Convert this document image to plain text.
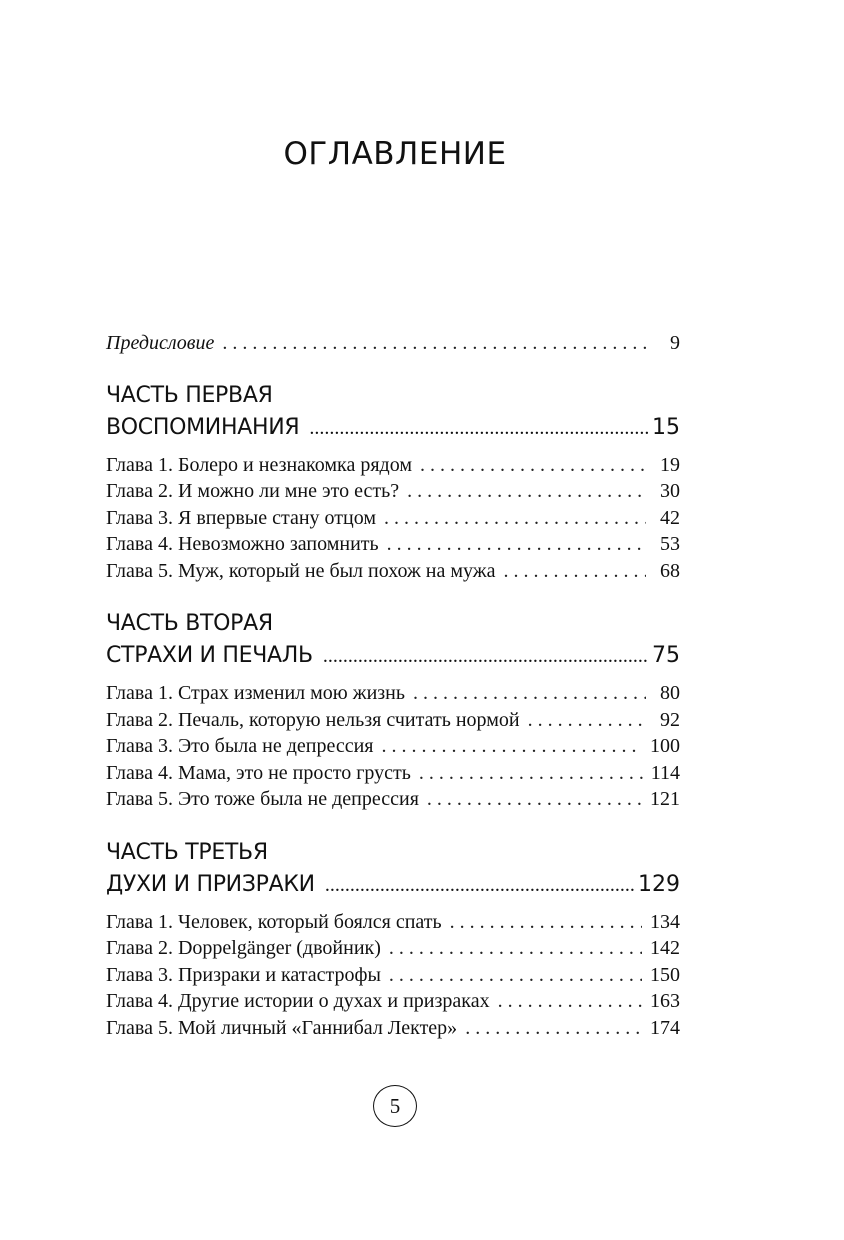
ОГЛАВЛЕНИЕ
Предисловие . . .	9
ЧАСТЬ ПЕРВАЯ
ВОСПОМИНАНИЯ .....	15
Глава 1. Болеро и незнакомка рядом . . .	19
Глава 2. И можно ли мне это есть? . . .	30
Глава 3. Я впервые стану отцом . . .	42
Глава 4. Невозможно запомнить . . .	53
Глава 5. Муж, который не был похож на мужа . . .	68
ЧАСТЬ ВТОРАЯ
СТРАХИ И ПЕЧАЛЬ .....	75
Глава 1. Страх изменил мою жизнь . . .	80
Глава 2. Печаль, которую нельзя считать нормой . . .	92
Глава 3. Это была не депрессия . . .	100
Глава 4. Мама, это не просто грусть . . .	114
Глава 5. Это тоже была не депрессия . . .	121
ЧАСТЬ ТРЕТЬЯ
ДУХИ И ПРИЗРАКИ .....	129
Глава 1. Человек, который боялся спать . . .	134
Глава 2. Doppelgänger (двойник) . . .	142
Глава 3. Призраки и катастрофы . . .	150
Глава 4. Другие истории о духах и призраках . . .	163
Глава 5. Мой личный «Ганнибал Лектер» . . .	174
5
